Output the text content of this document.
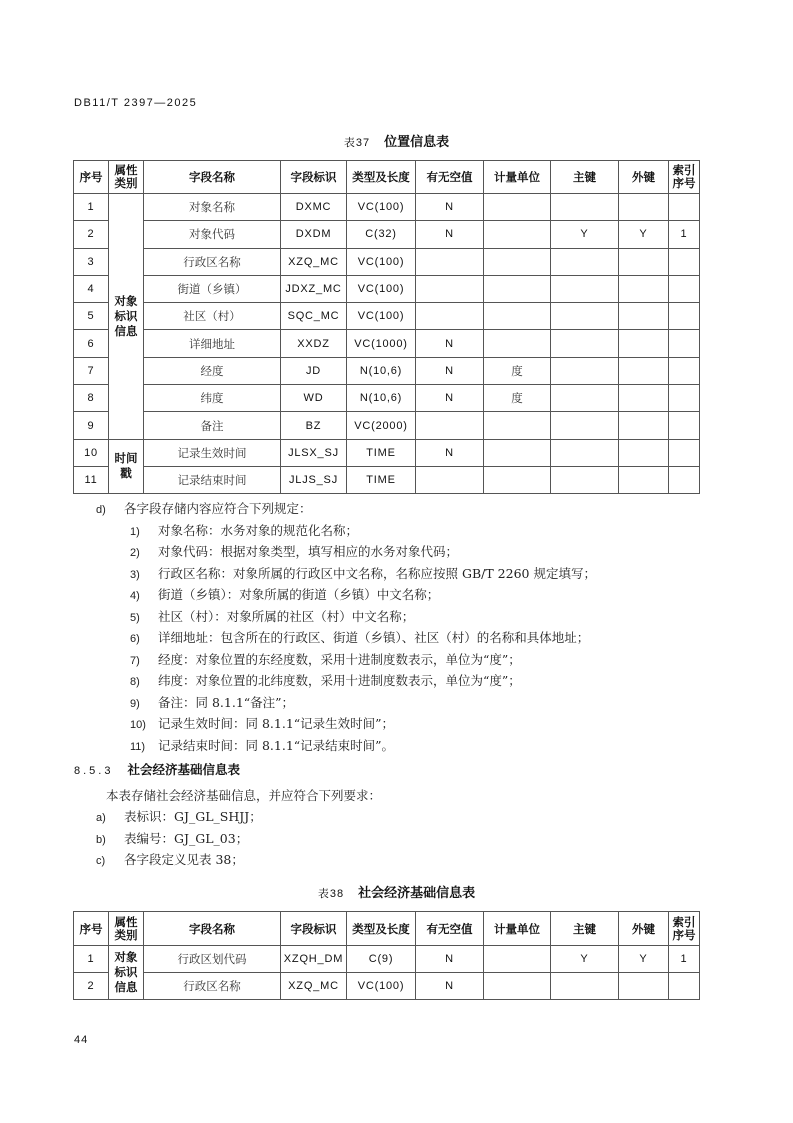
DB11/T 2397—2025
表37 位置信息表
序号	属性类别	字段名称	字段标识	类型及长度	有无空值	计量单位	主键	外键	索引序号
1	对象标识信息	对象名称	DXMC	VC(100)	N				
2		对象代码	DXDM	C(32)	N		Y	Y	1
3		行政区名称	XZQ_MC	VC(100)					
4		街道（乡镇）	JDXZ_MC	VC(100)					
5		社区（村）	SQC_MC	VC(100)					
6		详细地址	XXDZ	VC(1000)	N				
7		经度	JD	N(10,6)	N	度			
8		纬度	WD	N(10,6)	N	度			
9		备注	BZ	VC(2000)					
10	时间戳	记录生效时间	JLSX_SJ	TIME	N				
11		记录结束时间	JLJS_SJ	TIME					
d) 各字段存储内容应符合下列规定：
1) 对象名称：水务对象的规范化名称；
2) 对象代码：根据对象类型，填写相应的水务对象代码；
3) 行政区名称：对象所属的行政区中文名称，名称应按照 GB/T 2260 规定填写；
4) 街道（乡镇）：对象所属的街道（乡镇）中文名称；
5) 社区（村）：对象所属的社区（村）中文名称；
6) 详细地址：包含所在的行政区、街道（乡镇）、社区（村）的名称和具体地址；
7) 经度：对象位置的东经度数，采用十进制度数表示，单位为“度”；
8) 纬度：对象位置的北纬度数，采用十进制度数表示，单位为“度”；
9) 备注：同 8.1.1“备注”；
10) 记录生效时间：同 8.1.1“记录生效时间”；
11) 记录结束时间：同 8.1.1“记录结束时间”。
8.5.3 社会经济基础信息表
本表存储社会经济基础信息，并应符合下列要求：
a) 表标识：GJ_GL_SHJJ；
b) 表编号：GJ_GL_03；
c) 各字段定义见表 38；
表38 社会经济基础信息表
序号	属性类别	字段名称	字段标识	类型及长度	有无空值	计量单位	主键	外键	索引序号
1	对象标识信息	行政区划代码	XZQH_DM	C(9)	N		Y	Y	1
2		行政区名称	XZQ_MC	VC(100)	N				
44
